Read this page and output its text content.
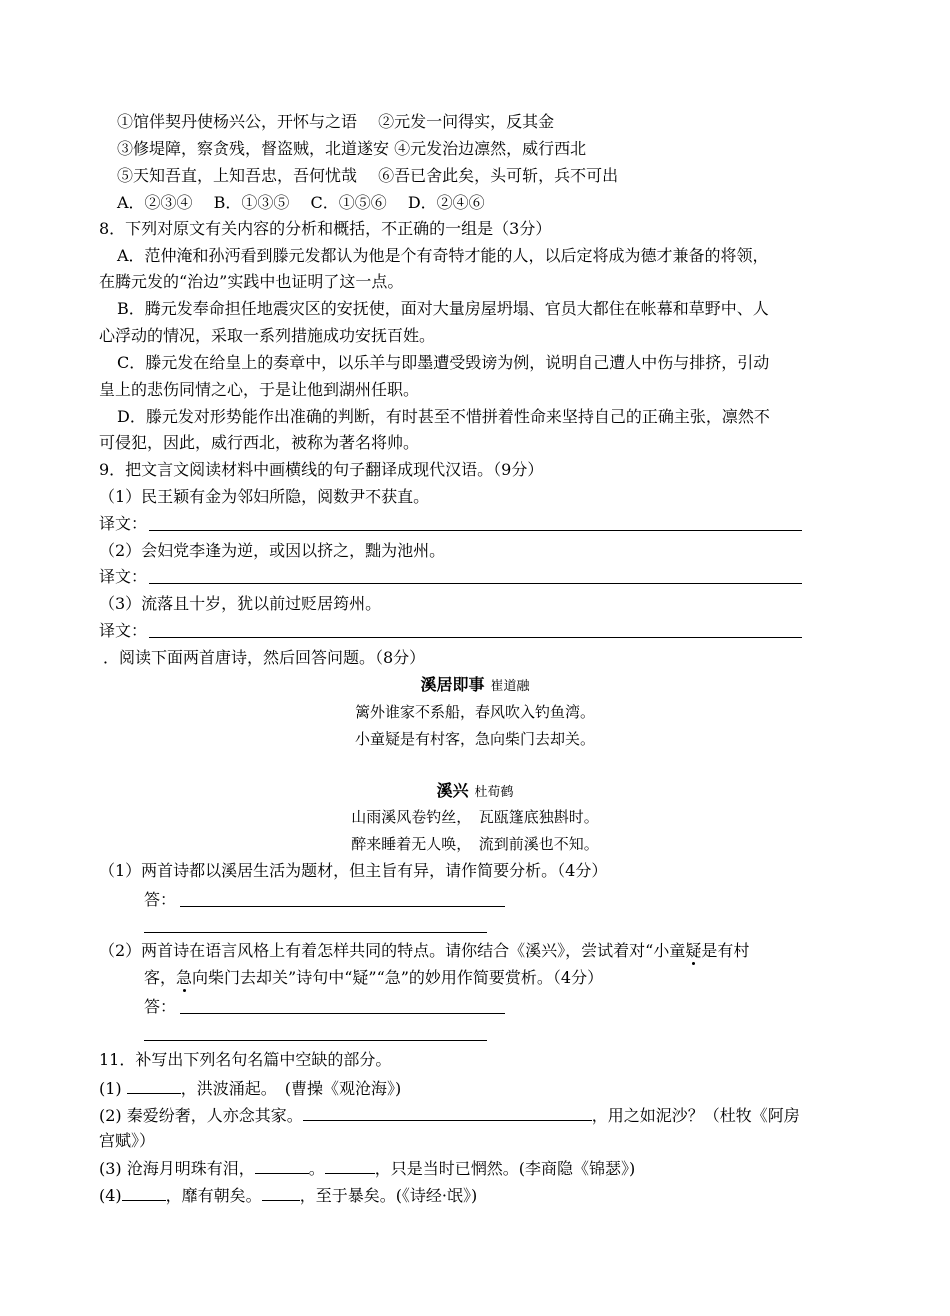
①馆伴契丹使杨兴公，开怀与之语　 ②元发一问得实，反其金
③修堤障，察贪残，督盗贼，北道遂安 ④元发治边凛然，威行西北
⑤天知吾直，上知吾忠，吾何忧哉　 ⑥吾已舍此矣，头可斩，兵不可出
A．②③④　 B．①③⑤　 C．①⑤⑥　 D．②④⑥
8．下列对原文有关内容的分析和概括，不正确的一组是（3分）
A．范仲淹和孙沔看到滕元发都认为他是个有奇特才能的人，以后定将成为德才兼备的将领，
在腾元发的“治边”实践中也证明了这一点。
B．腾元发奉命担任地震灾区的安抚使，面对大量房屋坍塌、官员大都住在帐幕和草野中、人
心浮动的情况，采取一系列措施成功安抚百姓。
C．滕元发在给皇上的奏章中，以乐羊与即墨遭受毁谤为例，说明自己遭人中伤与排挤，引动
皇上的悲伤同情之心，于是让他到湖州任职。
D．滕元发对形势能作出准确的判断，有时甚至不惜拼着性命来坚持自己的正确主张，凛然不
可侵犯，因此，威行西北，被称为著名将帅。
9．把文言文阅读材料中画横线的句子翻译成现代汉语。（9分）
（1）民王颖有金为邻妇所隐，阅数尹不获直。
译文：
（2）会妇党李逢为逆，或因以挤之，黜为池州。
译文：
（3）流落且十岁，犹以前过贬居筠州。
译文：
．阅读下面两首唐诗，然后回答问题。（8分）
溪居即事 崔道融
篱外谁家不系船，春风吹入钓鱼湾。
小童疑是有村客，急向柴门去却关。
溪兴 杜荀鹤
山雨溪风卷钓丝，　瓦瓯篷底独斟时。
醉来睡着无人唤，　流到前溪也不知。
（1）两首诗都以溪居生活为题材，但主旨有异，请作简要分析。（4分）
答：
（2）两首诗在语言风格上有着怎样共同的特点。请你结合《溪兴》，尝试着对“小童疑是有村
客，急向柴门去却关”诗句中“疑”“急”的妙用作简要赏析。（4分）
答：
11．补写出下列名句名篇中空缺的部分。
(1)	，洪波涌起。　(曹操《观沧海》)
(2) 秦爱纷奢，人亦念其家。	，用之如泥沙？（杜牧《阿房
宫赋》）
(3) 沧海月明珠有泪，	。	，只是当时已惘然。(李商隐《锦瑟》)
(4)	，靡有朝矣。 ，至于暴矣。(《诗经·氓》)
